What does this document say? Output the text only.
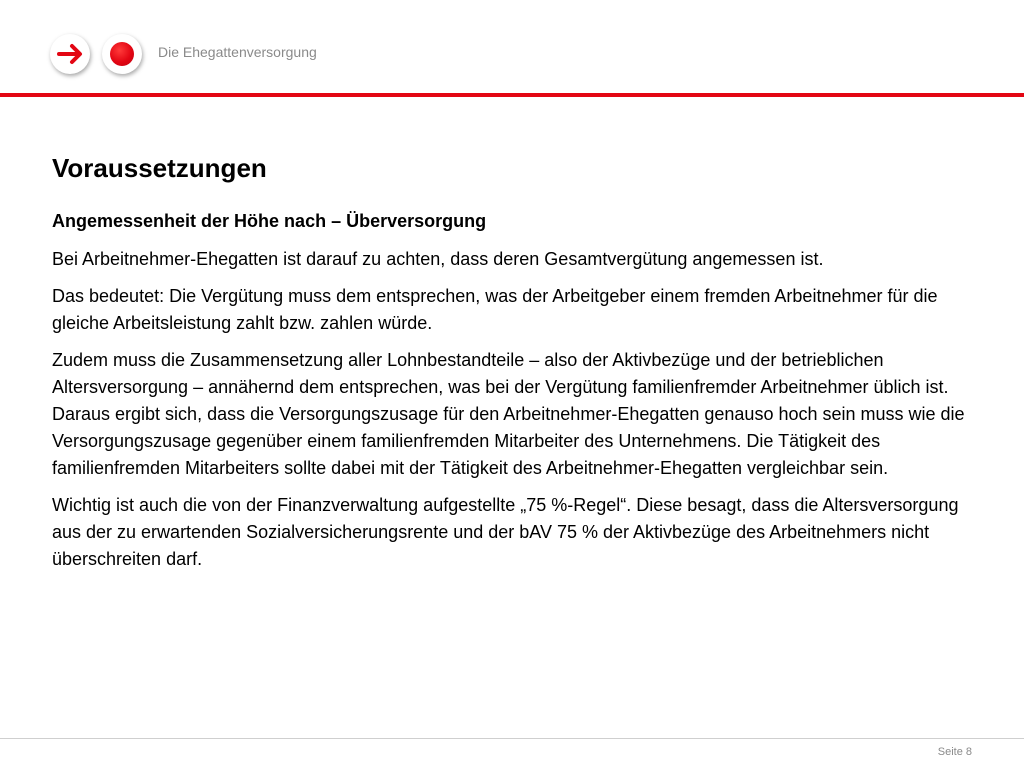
Die Ehegattenversorgung
Voraussetzungen
Angemessenheit der Höhe nach – Überversorgung

Bei Arbeitnehmer-Ehegatten ist darauf zu achten, dass deren Gesamtvergütung angemessen ist.

Das bedeutet: Die Vergütung muss dem entsprechen, was der Arbeitgeber einem fremden Arbeitnehmer für die gleiche Arbeitsleistung zahlt bzw. zahlen würde.

Zudem muss die Zusammensetzung aller Lohnbestandteile – also der Aktivbezüge und der betrieblichen Altersversorgung – annähernd dem entsprechen, was bei der Vergütung familienfremder Arbeitnehmer üblich ist. Daraus ergibt sich, dass die Versorgungszusage für den Arbeitnehmer-Ehegatten genauso hoch sein muss wie die Versorgungszusage gegenüber einem familienfremden Mitarbeiter des Unternehmens. Die Tätigkeit des familienfremden Mitarbeiters sollte dabei mit der Tätigkeit des Arbeitnehmer-Ehegatten vergleichbar sein.

Wichtig ist auch die von der Finanzverwaltung aufgestellte „75 %-Regel“. Diese besagt, dass die Altersversorgung aus der zu erwartenden Sozialversicherungsrente und der bAV 75 % der Aktivbezüge des Arbeitnehmers nicht überschreiten darf.

Seite 8
